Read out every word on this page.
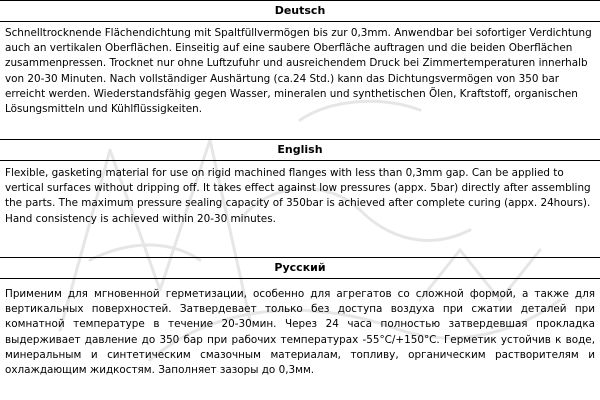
Deutsch

Schnelltrocknende Flächendichtung mit Spaltfüllvermögen bis zur 0,3mm. Anwendbar bei sofortiger Verdichtung auch an vertikalen Oberflächen. Einseitig auf eine saubere Oberfläche auftragen und die beiden Oberflächen zusammenpressen. Trocknet nur ohne Luftzufuhr und ausreichendem Druck bei Zimmertemperaturen innerhalb von 20-30 Minuten. Nach vollständiger Aushärtung (ca.24 Std.) kann das Dichtungsvermögen von 350 bar erreicht werden. Wiederstandsfähig gegen Wasser, mineralen und synthetischen Ölen, Kraftstoff, organischen Lösungsmitteln und Kühlflüssigkeiten.

English

Flexible, gasketing material for use on rigid machined flanges with less than 0,3mm gap. Can be applied to vertical surfaces without dripping off. It takes effect against low pressures (appx. 5bar) directly after assembling the parts. The maximum pressure sealing capacity of 350bar is achieved after complete curing (appx. 24hours). Hand consistency is achieved within 20-30 minutes.

Русский

Применим для мгновенной герметизации, особенно для агрегатов со сложной формой, а также для вертикальных поверхностей. Затвердевает только без доступа воздуха при сжатии деталей при комнатной температуре в течение 20-30мин. Через 24 часа полностью затвердевшая прокладка выдерживает давление до 350 бар при рабочих температурах -55°С/+150°С. Герметик устойчив к воде, минеральным и синтетическим смазочным материалам, топливу, органическим растворителям и охлаждающим жидкостям. Заполняет зазоры до 0,3мм.
